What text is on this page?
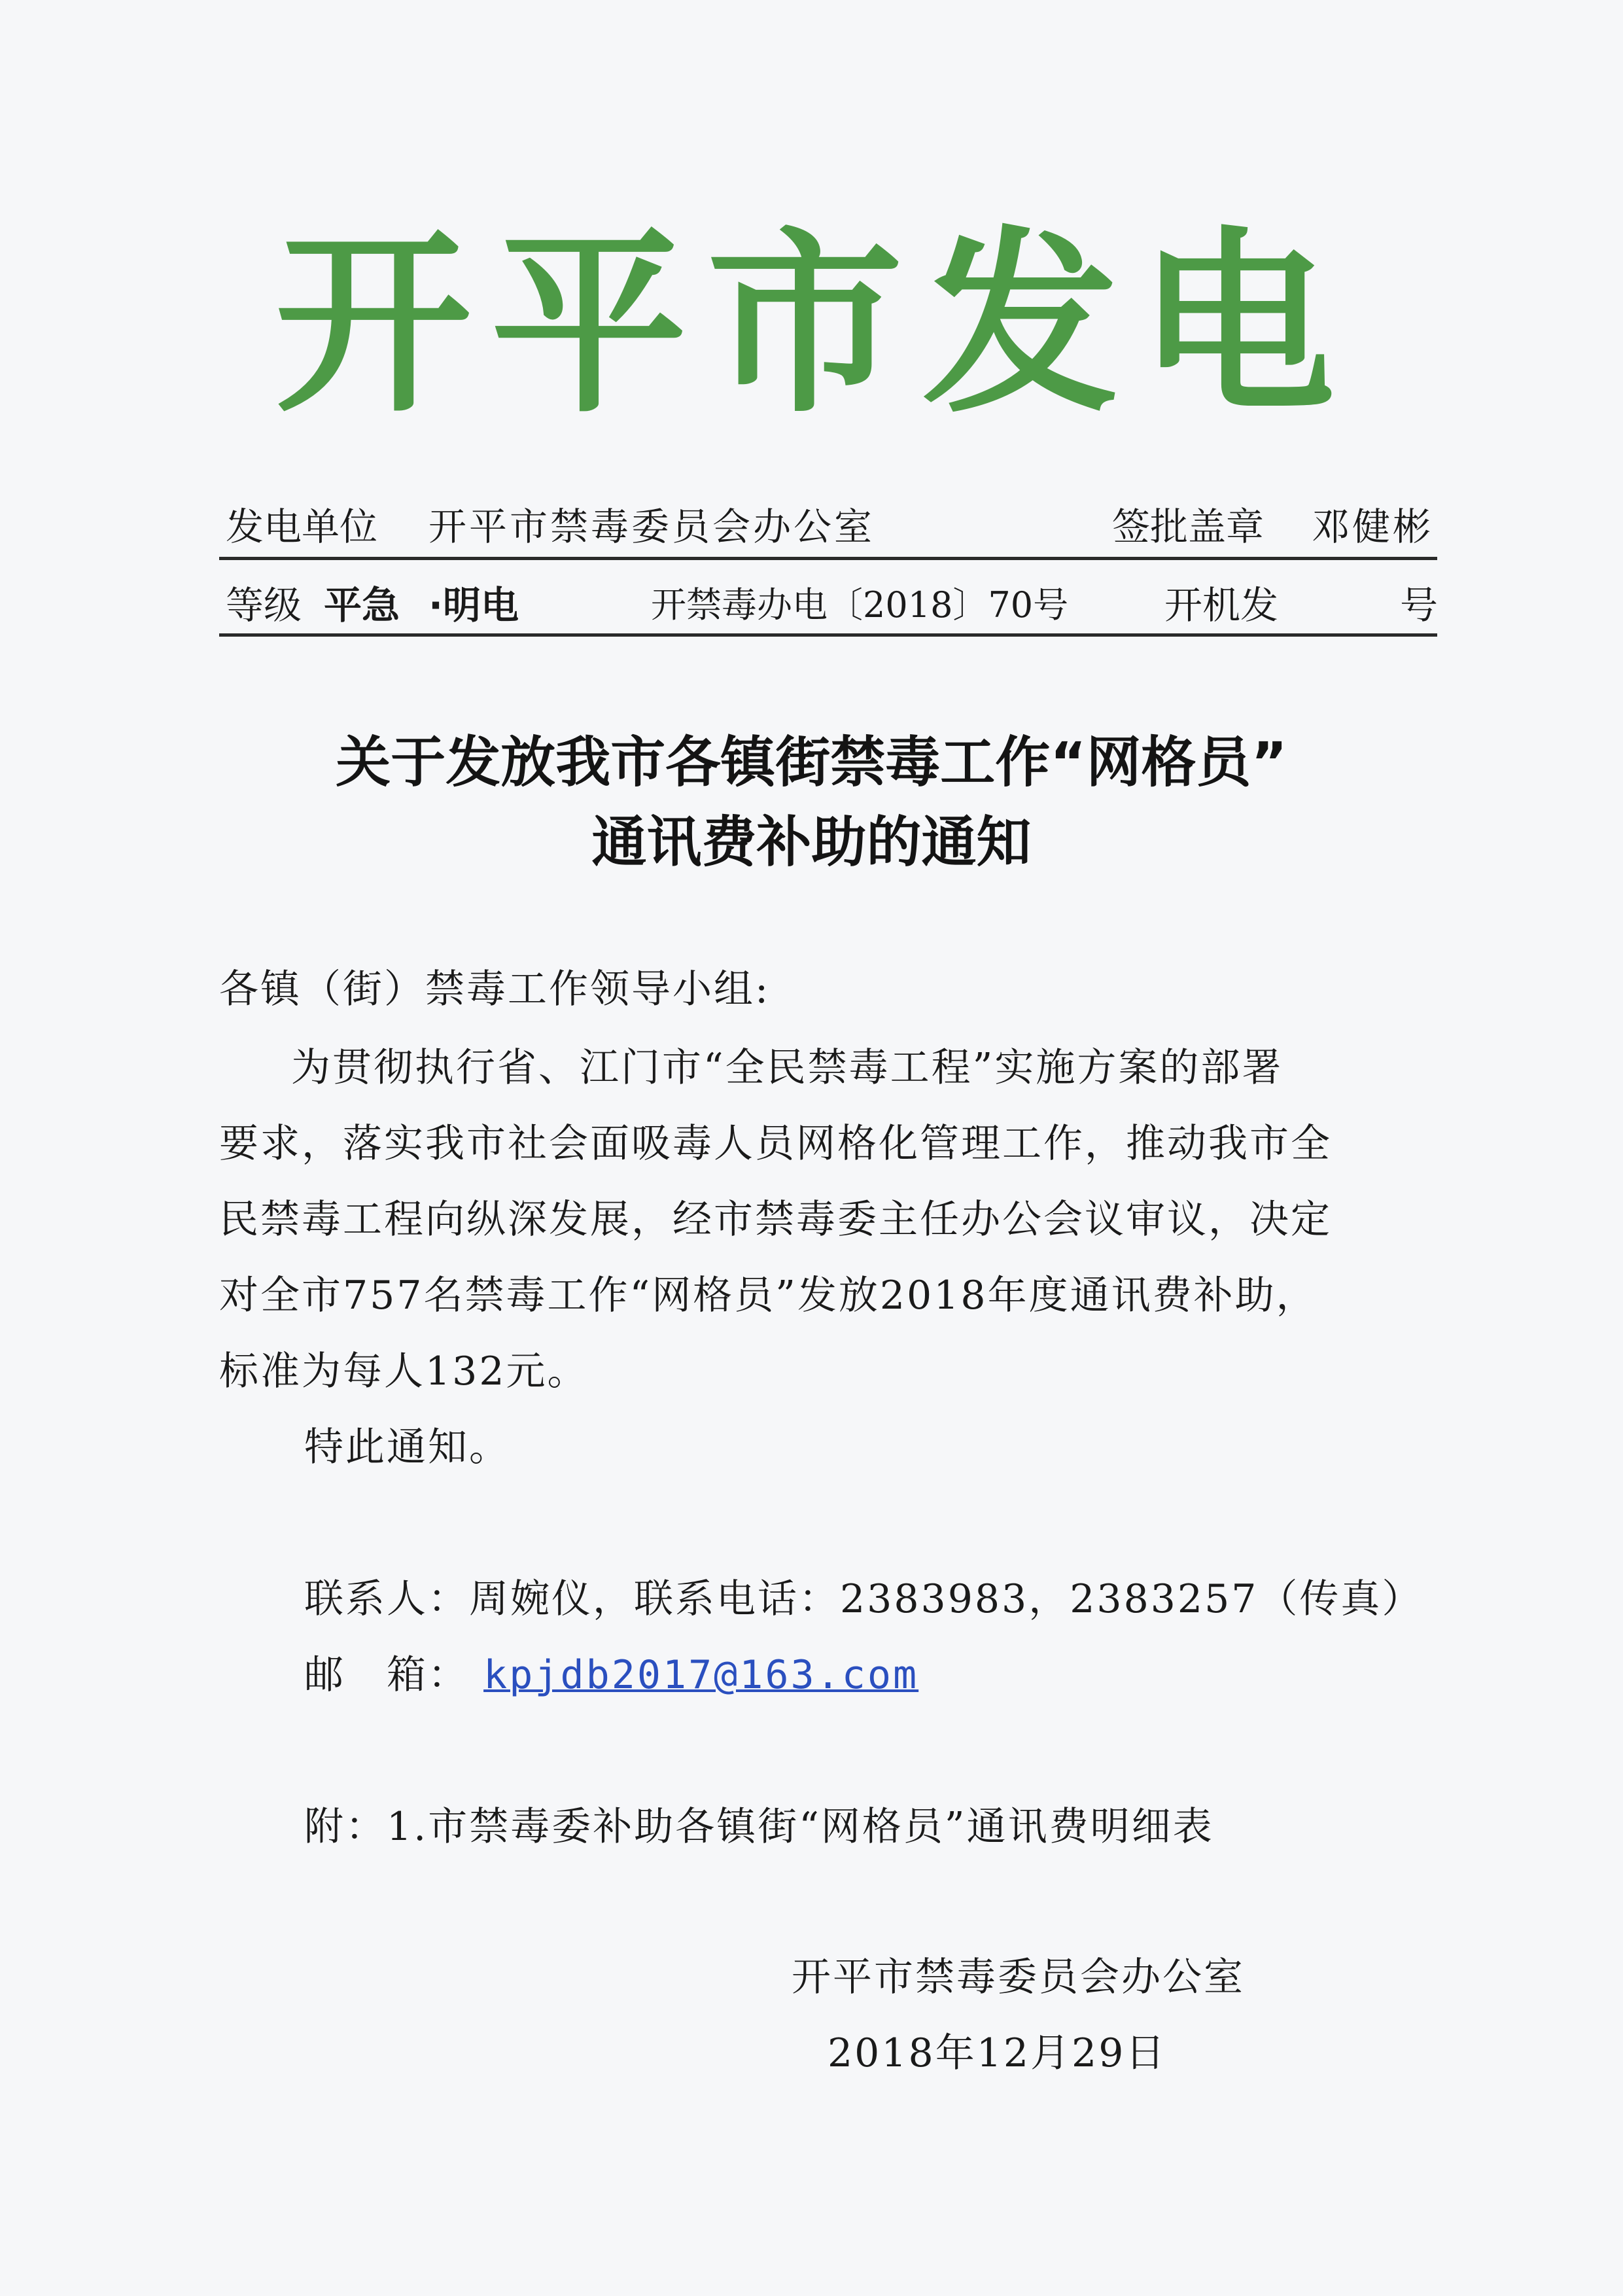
开平市发电
发电单位 开平市禁毒委员会办公室	签批盖章 邓健彬
等级 平急 ·明电	开禁毒办电〔2018〕70号	开机发	号
关于发放我市各镇街禁毒工作“网格员”
通讯费补助的通知
各镇（街）禁毒工作领导小组:
为贯彻执行省、江门市“全民禁毒工程”实施方案的部署
要求，落实我市社会面吸毒人员网格化管理工作，推动我市全
民禁毒工程向纵深发展，经市禁毒委主任办公会议审议，决定
对全市757名禁毒工作“网格员”发放2018年度通讯费补助，
标准为每人132元。
特此通知。
联系人：周婉仪，联系电话：2383983，2383257（传真）
邮　箱： kpjdb2017@163.com
附：1.市禁毒委补助各镇街“网格员”通讯费明细表
开平市禁毒委员会办公室
2018年12月29日
